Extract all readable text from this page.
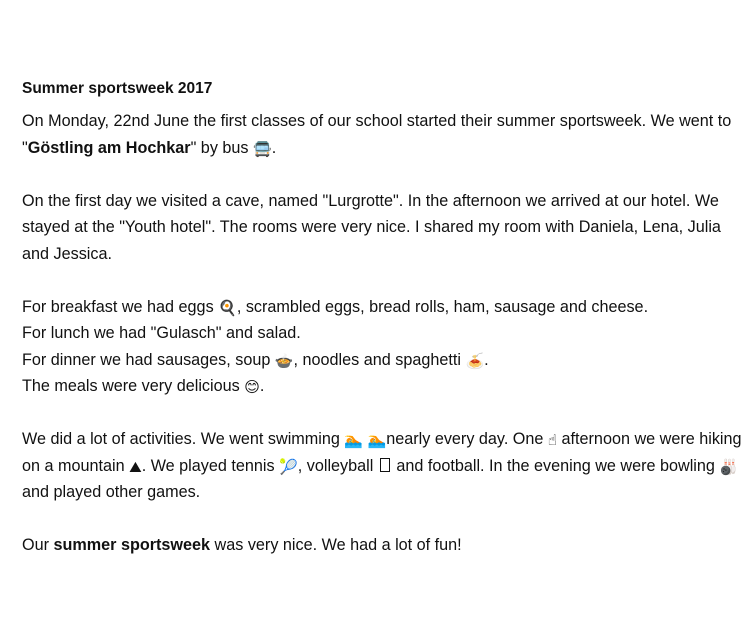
Summer sportsweek 2017

On Monday, 22nd June the first classes of our school started their summer sportsweek. We went to "Göstling am Hochkar" by bus 🚍.

On the first day we visited a cave, named "Lurgrotte". In the afternoon we arrived at our hotel. We stayed at the "Youth hotel". The rooms were very nice. I shared my room with Daniela, Lena, Julia and Jessica.

For breakfast we had eggs 🍳, scrambled eggs, bread rolls, ham, sausage and cheese.
For lunch we had "Gulasch" and salad.
For dinner we had sausages, soup 🍲, noodles and spaghetti 🍝.
The meals were very delicious 😊.

We did a lot of activities. We went swimming 🏊 🏊nearly every day. One ☝ afternoon we were hiking on a mountain ⛰. We played tennis 🎾, volleyball  and football. In the evening we were bowling 🎳 and played other games.

Our summer sportsweek was very nice. We had a lot of fun!
